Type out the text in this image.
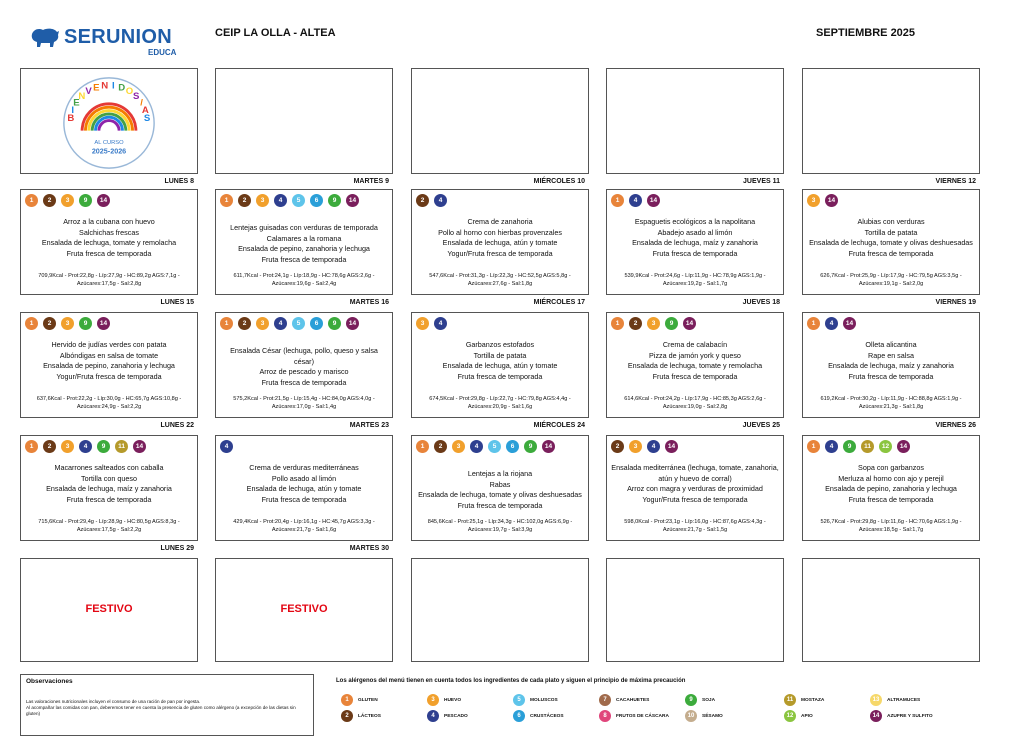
SERUNION
EDUCA
CEIP LA OLLA - ALTEA	SEPTIEMBRE 2025
B
I
E
N V E N I D O S
/
A
S
AL CURSO
2025-2026
LUNES 8	MARTES 9	MIÉRCOLES 10	JUEVES 11	VIERNES 12
1	2	3	9	14
Arroz a la cubana con huevo
Salchichas frescas
Ensalada de lechuga, tomate y remolacha
Fruta fresca de temporada
709,9Kcal - Prot:22,8g - Líp:27,9g - HC:89,2g AGS:7,1g - Azúcares:17,5g - Sal:2,8g
LUNES 15
1	2	3	4	5	6	9	14
Lentejas guisadas con verduras de temporada
Calamares a la romana
Ensalada de pepino, zanahoria y lechuga
Fruta fresca de temporada
611,7Kcal - Prot:24,1g - Líp:18,9g - HC:78,6g AGS:2,6g - Azúcares:19,6g - Sal:2,4g
MARTES 16
2	4
Crema de zanahoria
Pollo al horno con hierbas provenzales
Ensalada de lechuga, atún y tomate
Yogur/Fruta fresca de temporada
547,6Kcal - Prot:31,3g - Líp:22,3g - HC:52,5g AGS:5,8g - Azúcares:27,6g - Sal:1,8g
MIÉRCOLES 17
1	4	14
Espaguetis ecológicos a la napolitana
Abadejo asado al limón
Ensalada de lechuga, maíz y zanahoria
Fruta fresca de temporada
539,9Kcal - Prot:24,6g - Líp:11,9g - HC:78,9g AGS:1,9g - Azúcares:19,2g - Sal:1,7g
JUEVES 18
3	14
Alubias con verduras
Tortilla de patata
Ensalada de lechuga, tomate y olivas deshuesadas
Fruta fresca de temporada
626,7Kcal - Prot:25,9g - Líp:17,9g - HC:79,5g AGS:3,5g - Azúcares:19,1g - Sal:2,0g
VIERNES 19
1	2	3	9	14
Hervido de judías verdes con patata
Albóndigas en salsa de tomate
Ensalada de pepino, zanahoria y lechuga
Yogur/Fruta fresca de temporada
637,6Kcal - Prot:22,2g - Líp:30,0g - HC:65,7g AGS:10,8g - Azúcares:24,9g - Sal:2,2g
LUNES 22
1	2	3	4	5	6	9	14
Ensalada César (lechuga, pollo, queso y salsa césar)
Arroz de pescado y marisco
Fruta fresca de temporada
575,2Kcal - Prot:21,5g - Líp:15,4g - HC:84,0g AGS:4,0g - Azúcares:17,0g - Sal:1,4g
MARTES 23
3	4
Garbanzos estofados
Tortilla de patata
Ensalada de lechuga, atún y tomate
Fruta fresca de temporada
674,5Kcal - Prot:29,8g - Líp:22,7g - HC:79,8g AGS:4,4g - Azúcares:20,9g - Sal:1,6g
MIÉRCOLES 24
1	2	3	9	14
Crema de calabacín
Pizza de jamón york y queso
Ensalada de lechuga, tomate y remolacha
Fruta fresca de temporada
614,6Kcal - Prot:24,2g - Líp:17,9g - HC:85,3g AGS:2,6g - Azúcares:19,0g - Sal:2,8g
JUEVES 25
1	4	14
Olleta alicantina
Rape en salsa
Ensalada de lechuga, maíz y zanahoria
Fruta fresca de temporada
619,2Kcal - Prot:30,2g - Líp:11,9g - HC:88,8g AGS:1,9g - Azúcares:21,3g - Sal:1,8g
VIERNES 26
1	2	3	4	9	11	14
Macarrones salteados con caballa
Tortilla con queso
Ensalada de lechuga, maíz y zanahoria
Fruta fresca de temporada
715,6Kcal - Prot:29,4g - Líp:28,9g - HC:80,5g AGS:8,3g - Azúcares:17,5g - Sal:2,2g
LUNES 29
4
Crema de verduras mediterráneas
Pollo asado al limón
Ensalada de lechuga, atún y tomate
Fruta fresca de temporada
429,4Kcal - Prot:20,4g - Líp:16,1g - HC:45,7g AGS:3,3g - Azúcares:21,7g - Sal:1,6g
MARTES 30
1	2	3	4	5	6	9	14
Lentejas a la riojana
Rabas
Ensalada de lechuga, tomate y olivas deshuesadas
Fruta fresca de temporada
845,6Kcal - Prot:25,1g - Líp:34,3g - HC:102,0g AGS:6,9g - Azúcares:19,7g - Sal:3,9g
2	3	4	14
Ensalada mediterránea (lechuga, tomate, zanahoria, atún y huevo de corral)
Arroz con magra y verduras de proximidad
Yogur/Fruta fresca de temporada
598,0Kcal - Prot:23,1g - Líp:16,0g - HC:87,6g AGS:4,3g - Azúcares:21,7g - Sal:1,5g
1	4	9	11	12	14
Sopa con garbanzos
Merluza al horno con ajo y perejil
Ensalada de pepino, zanahoria y lechuga
Fruta fresca de temporada
526,7Kcal - Prot:29,8g - Líp:11,6g - HC:70,6g AGS:1,9g - Azúcares:18,5g - Sal:1,7g
FESTIVO	FESTIVO
Observaciones

Las valoraciones nutricionales incluyen el consumo de una ración de pan por ingesta.

Al acompañar las comidas con pan, deberemos tener en cuenta la presencia de gluten como alérgeno (a excepción de las dietas sin gluten)

Los alérgenos del menú tienen en cuenta todos los ingredientes de cada plato y siguen el principio de máxima precaución
1	GLUTEN
2	LÁCTEOS
3	HUEVO
4	PESCADO
5	MOLUSCOS
6	CRUSTÁCEOS
7	CACAHUETES
8	FRUTOS DE CÁSCARA
9	SOJA
10	SÉSAMO
11	MOSTAZA
12	APIO
13	ALTRAMUCES
14	AZUFRE Y SULFITO
